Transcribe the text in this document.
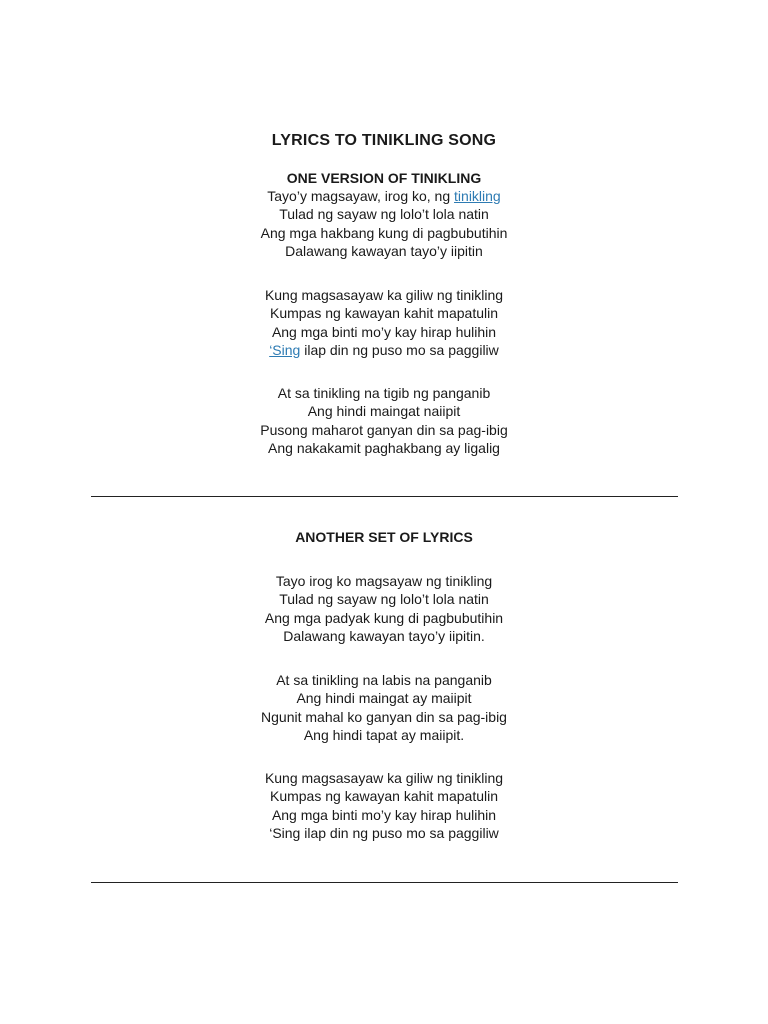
LYRICS TO TINIKLING SONG
ONE VERSION OF TINIKLING
Tayo’y magsayaw, irog ko, ng tinikling
Tulad ng sayaw ng lolo’t lola natin
Ang mga hakbang kung di pagbubutihin
Dalawang kawayan tayo’y iipitin
Kung magsasayaw ka giliw ng tinikling
Kumpas ng kawayan kahit mapatulin
Ang mga binti mo’y kay hirap hulihin
‘Sing ilap din ng puso mo sa paggiliw
At sa tinikling na tigib ng panganib
Ang hindi maingat naiipit
Pusong maharot ganyan din sa pag-ibig
Ang nakakamit paghakbang ay ligalig
ANOTHER SET OF LYRICS
Tayo irog ko magsayaw ng tinikling
Tulad ng sayaw ng lolo’t lola natin
Ang mga padyak kung di pagbubutihin
Dalawang kawayan tayo’y iipitin.
At sa tinikling na labis na panganib
Ang hindi maingat ay maiipit
Ngunit mahal ko ganyan din sa pag-ibig
Ang hindi tapat ay maiipit.
Kung magsasayaw ka giliw ng tinikling
Kumpas ng kawayan kahit mapatulin
Ang mga binti mo’y kay hirap hulihin
‘Sing ilap din ng puso mo sa paggiliw
